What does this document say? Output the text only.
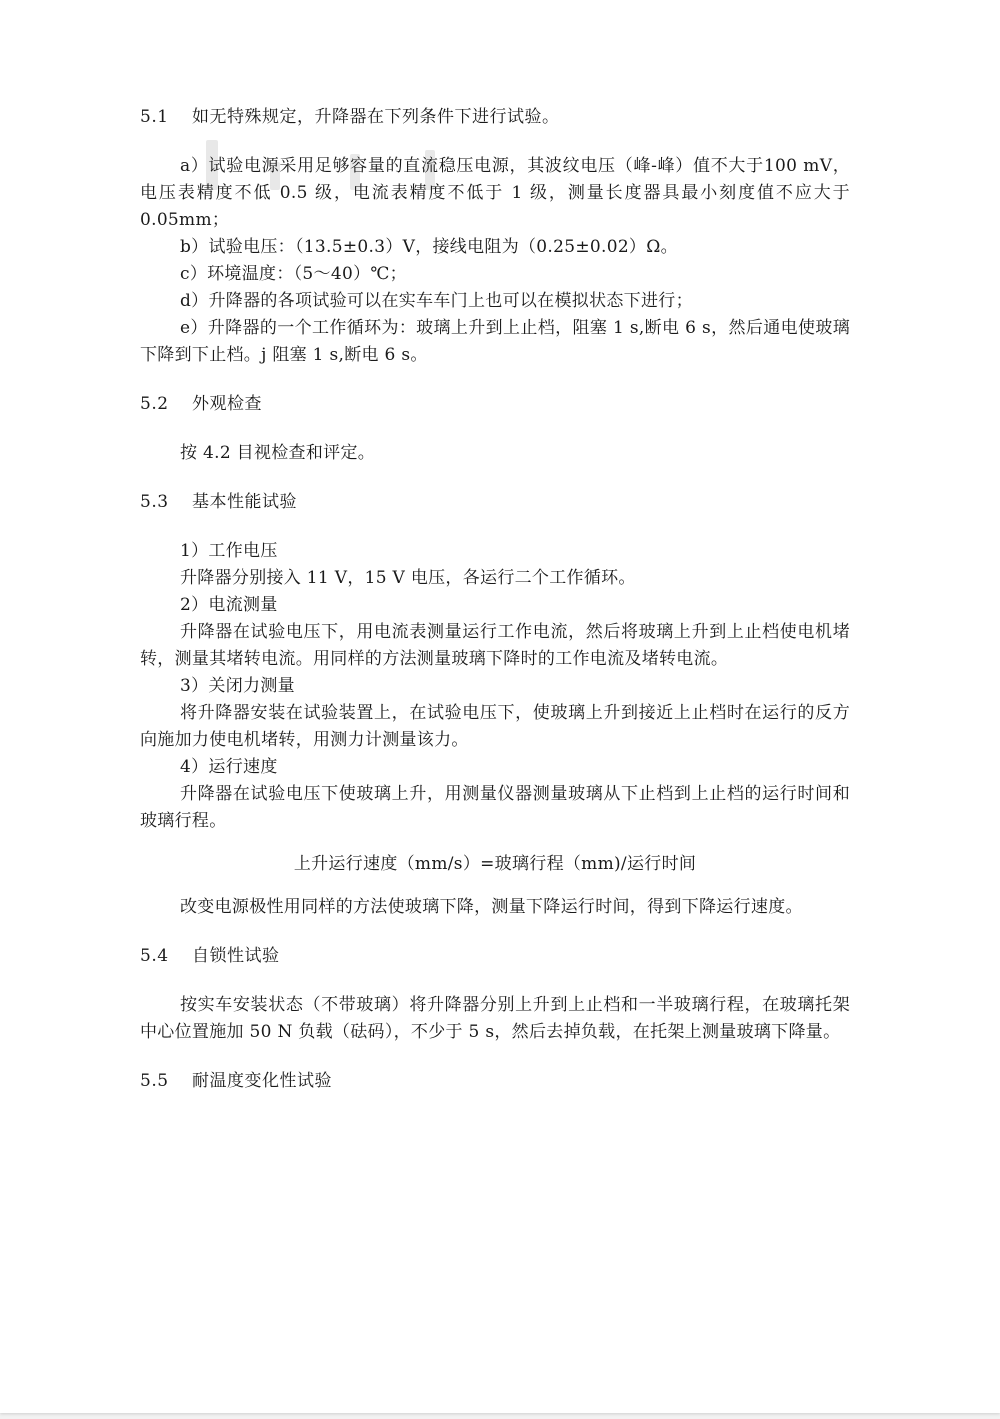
5.1 如无特殊规定，升降器在下列条件下进行试验。

a）试验电源采用足够容量的直流稳压电源，其波纹电压（峰-峰）值不大于100 mV，电压表精度不低 0.5 级，电流表精度不低于 1 级，测量长度器具最小刻度值不应大于 0.05mm；

b）试验电压：（13.5±0.3）V，接线电阻为（0.25±0.02）Ω。

c）环境温度：（5～40）℃；

d）升降器的各项试验可以在实车车门上也可以在模拟状态下进行；

e）升降器的一个工作循环为：玻璃上升到上止档，阻塞 1 s,断电 6 s，然后通电使玻璃下降到下止档。j 阻塞 1 s,断电 6 s。

5.2 外观检查

按 4.2 目视检查和评定。

5.3 基本性能试验

1）工作电压

升降器分别接入 11 V，15 V 电压，各运行二个工作循环。

2）电流测量

升降器在试验电压下，用电流表测量运行工作电流，然后将玻璃上升到上止档使电机堵转，测量其堵转电流。用同样的方法测量玻璃下降时的工作电流及堵转电流。

3）关闭力测量

将升降器安装在试验装置上，在试验电压下，使玻璃上升到接近上止档时在运行的反方向施加力使电机堵转，用测力计测量该力。

4）运行速度

升降器在试验电压下使玻璃上升，用测量仪器测量玻璃从下止档到上止档的运行时间和玻璃行程。

上升运行速度（mm/s）=玻璃行程（mm)/运行时间

改变电源极性用同样的方法使玻璃下降，测量下降运行时间，得到下降运行速度。

5.4 自锁性试验

按实车安装状态（不带玻璃）将升降器分别上升到上止档和一半玻璃行程，在玻璃托架中心位置施加 50 N 负载（砝码），不少于 5 s，然后去掉负载，在托架上测量玻璃下降量。

5.5 耐温度变化性试验
